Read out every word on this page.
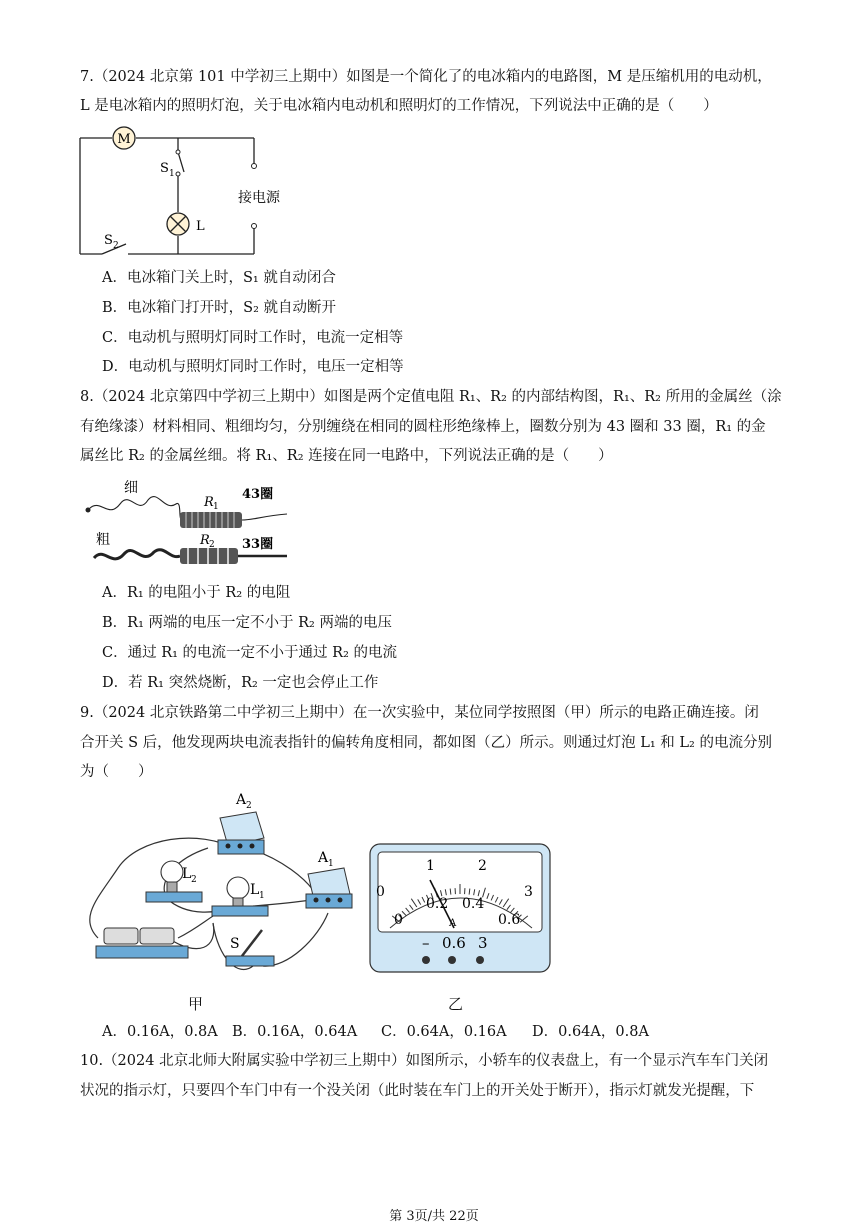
7.（2024 北京第 101 中学初三上期中）如图是一个简化了的电冰箱内的电路图，M 是压缩机用的电动机，
L 是电冰箱内的照明灯泡，关于电冰箱内电动机和照明灯的工作情况，下列说法中正确的是（　　）
M
接电源
S 1
L
S 2
A．电冰箱门关上时，S₁ 就自动闭合
B．电冰箱门打开时，S₂ 就自动断开
C．电动机与照明灯同时工作时，电流一定相等
D．电动机与照明灯同时工作时，电压一定相等
8.（2024 北京第四中学初三上期中）如图是两个定值电阻 R₁、R₂ 的内部结构图，R₁、R₂ 所用的金属丝（涂
有绝缘漆）材料相同、粗细均匀，分别缠绕在相同的圆柱形绝缘棒上，圈数分别为 43 圈和 33 圈，R₁ 的金
属丝比 R₂ 的金属丝细。将 R₁、R₂ 连接在同一电路中，下列说法正确的是（　　）
细
R 1
43圈
粗	R 2 33圈
A．R₁ 的电阻小于 R₂ 的电阻
B．R₁ 两端的电压一定不小于 R₂ 两端的电压
C．通过 R₁ 的电流一定不小于通过 R₂ 的电流
D．若 R₁ 突然烧断，R₂ 一定也会停止工作
9.（2024 北京铁路第二中学初三上期中）在一次实验中，某位同学按照图（甲）所示的电路正确连接。闭
合开关 S 后，他发现两块电流表指针的偏转角度相同，都如图（乙）所示。则通过灯泡 L₁ 和 L₂ 的电流分别
为（　　）
A 2
A 1
L 2
L 1
S
甲
0
1	2
3
0
0.2 0.4
0.6
A
– 0.6 3
乙
A．0.16A，0.8A B．0.16A，0.64A C．0.64A，0.16A D．0.64A，0.8A
10.（2024 北京北师大附属实验中学初三上期中）如图所示，小轿车的仪表盘上，有一个显示汽车车门关闭
状况的指示灯，只要四个车门中有一个没关闭（此时装在车门上的开关处于断开），指示灯就发光提醒，下
第 3页/共 22页
